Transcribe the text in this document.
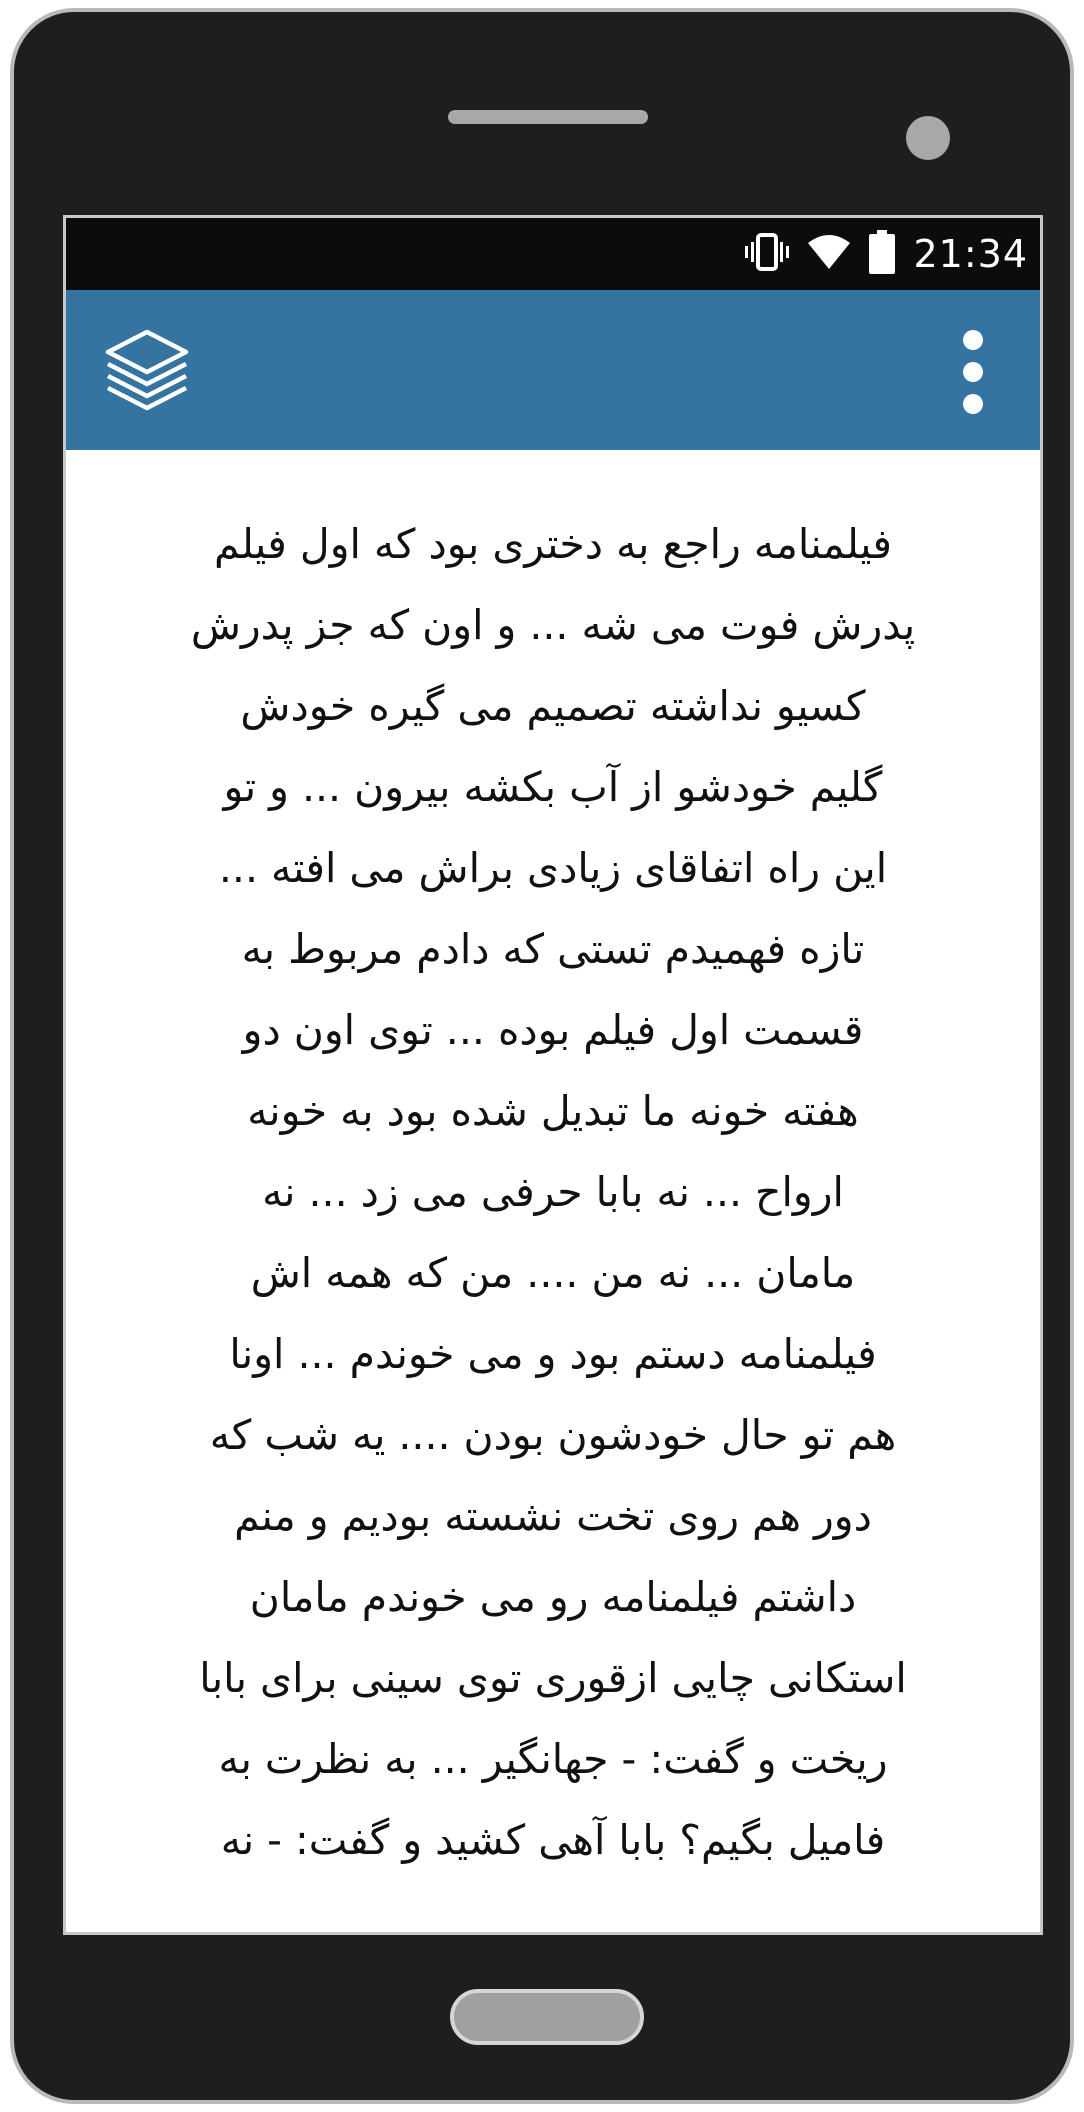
21:34
فیلمنامه راجع به دختری بود که اول فیلم
پدرش فوت می شه ... و اون که جز پدرش
کسیو نداشته تصمیم می گیره خودش
گلیم خودشو از آب بکشه بیرون ... و تو
این راه اتفاقای زیادی براش می افته ...
تازه فهمیدم تستی که دادم مربوط به
قسمت اول فیلم بوده ... توی اون دو
هفته خونه ما تبدیل شده بود به خونه
ارواح ... نه بابا حرفی می زد ... نه
مامان ... نه من .... من که همه اش
فیلمنامه دستم بود و می خوندم ... اونا
هم تو حال خودشون بودن .... یه شب که
دور هم روی تخت نشسته بودیم و منم
داشتم فیلمنامه رو می خوندم مامان
استکانی چایی ازقوری توی سینی برای بابا
ریخت و گفت: - جهانگیر ... به نظرت به
فامیل بگیم؟ بابا آهی کشید و گفت: - نه
